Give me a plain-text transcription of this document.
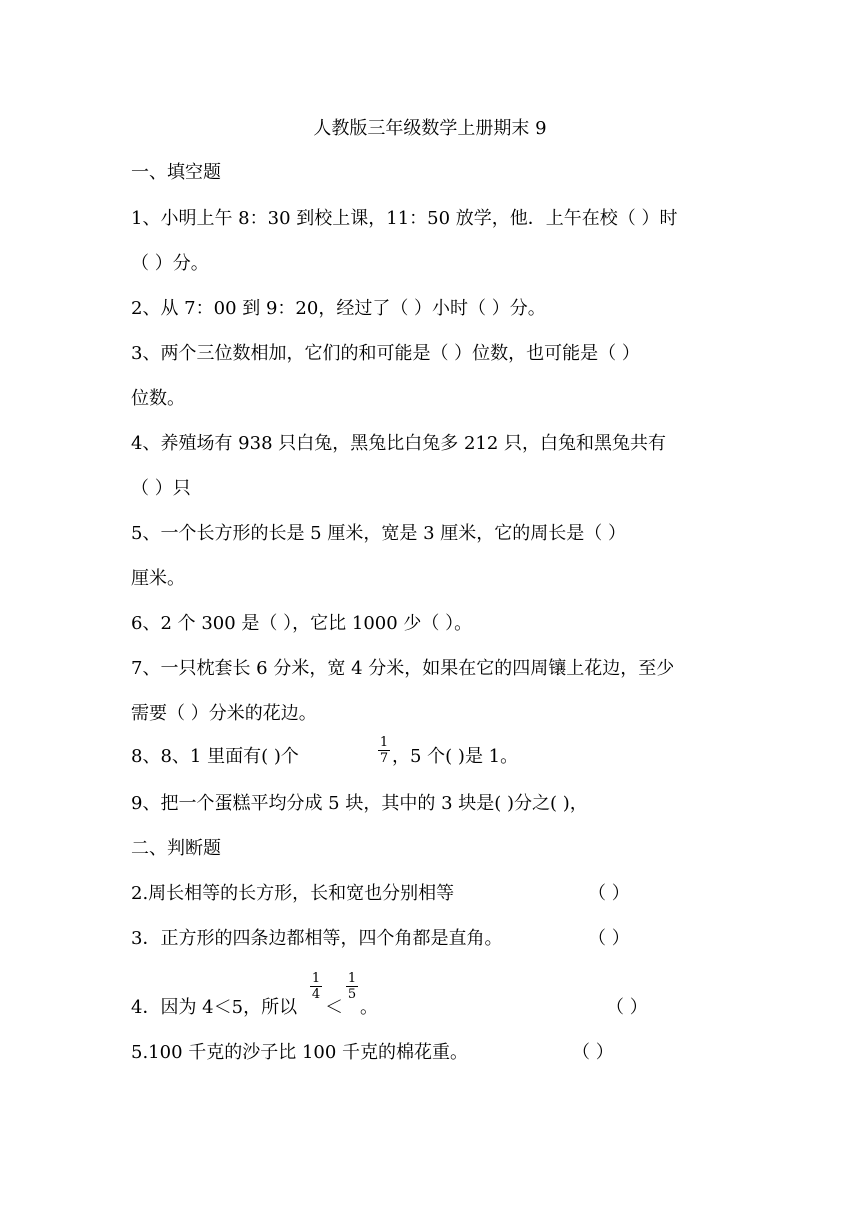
人教版三年级数学上册期末 9
一、填空题
1、小明上午 8：30 到校上课，11：50 放学，他．上午在校（ ）时
（ ）分。
2、从 7：00 到 9：20，经过了（ ）小时（ ）分。
3、两个三位数相加，它们的和可能是（ ）位数，也可能是（ ）
位数。
4、养殖场有 938 只白兔，黑兔比白兔多 212 只，白兔和黑兔共有
（ ）只
5、一个长方形的长是 5 厘米，宽是 3 厘米，它的周长是（ ）
厘米。
6、2 个 300 是（ ），它比 1000 少（ ）。
7、一只枕套长 6 分米，宽 4 分米，如果在它的四周镶上花边，至少
需要（ ）分米的花边。
8、8、1 里面有( )个
1
7 ，5 个( )是 1。
9、把一个蛋糕平均分成 5 块，其中的 3 块是( )分之( )，
二、判断题
2.周长相等的长方形，长和宽也分别相等	（ ）
3．正方形的四条边都相等，四个角都是直角。	（ ）
4．因为 4＜5，所以
1
4
＜
1
5
。	（ ）
5.100 千克的沙子比 100 千克的棉花重。	（ ）
